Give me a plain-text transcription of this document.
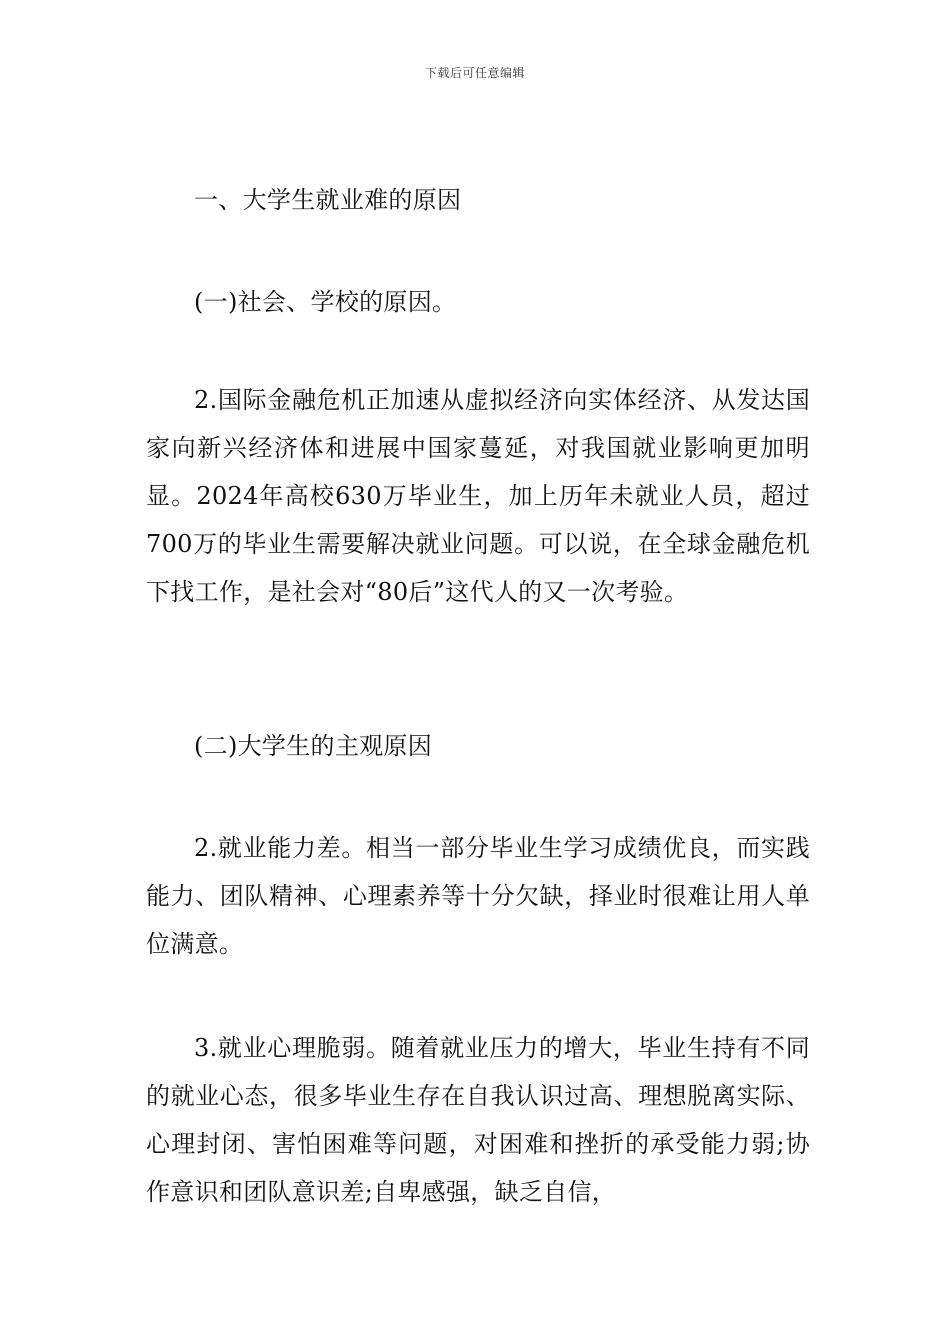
下载后可任意编辑

一、大学生就业难的原因

(一)社会、学校的原因。

2.国际金融危机正加速从虚拟经济向实体经济、从发达国家向新兴经济体和进展中国家蔓延，对我国就业影响更加明显。2024年高校630万毕业生，加上历年未就业人员，超过700万的毕业生需要解决就业问题。可以说，在全球金融危机下找工作，是社会对“80后”这代人的又一次考验。

(二)大学生的主观原因

2.就业能力差。相当一部分毕业生学习成绩优良，而实践能力、团队精神、心理素养等十分欠缺，择业时很难让用人单位满意。

3.就业心理脆弱。随着就业压力的增大，毕业生持有不同的就业心态，很多毕业生存在自我认识过高、理想脱离实际、心理封闭、害怕困难等问题，对困难和挫折的承受能力弱;协作意识和团队意识差;自卑感强，缺乏自信，
